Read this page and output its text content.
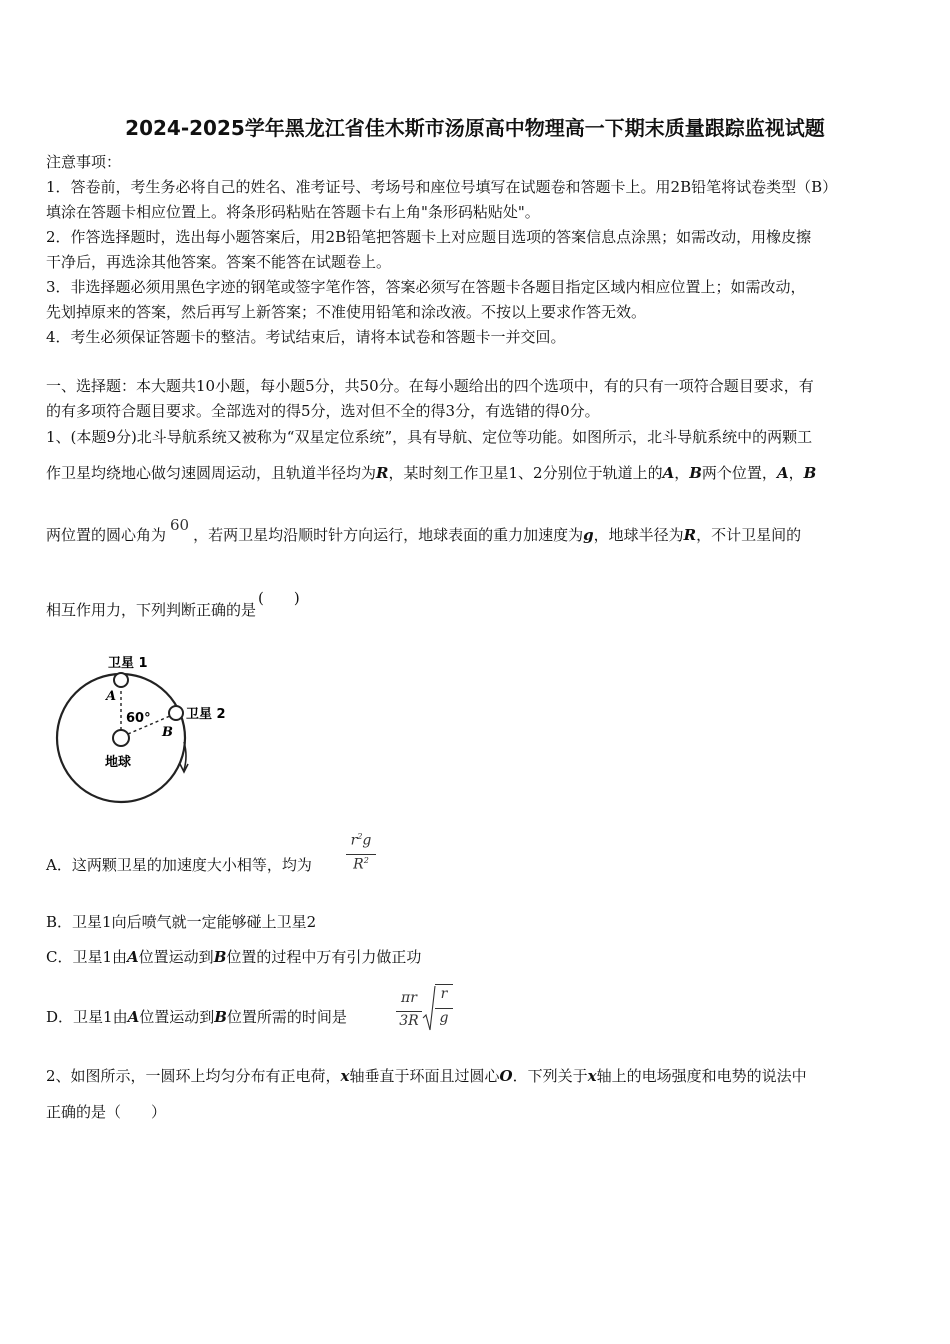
2024-2025学年黑龙江省佳木斯市汤原高中物理高一下期末质量跟踪监视试题
注意事项：
1．答卷前，考生务必将自己的姓名、准考证号、考场号和座位号填写在试题卷和答题卡上。用2B铅笔将试卷类型（B）
填涂在答题卡相应位置上。将条形码粘贴在答题卡右上角"条形码粘贴处"。
2．作答选择题时，选出每小题答案后，用2B铅笔把答题卡上对应题目选项的答案信息点涂黑；如需改动，用橡皮擦
干净后，再选涂其他答案。答案不能答在试题卷上。
3．非选择题必须用黑色字迹的钢笔或签字笔作答，答案必须写在答题卡各题目指定区域内相应位置上；如需改动，
先划掉原来的答案，然后再写上新答案；不准使用铅笔和涂改液。不按以上要求作答无效。
4．考生必须保证答题卡的整洁。考试结束后，请将本试卷和答题卡一并交回。
一、选择题：本大题共10小题，每小题5分，共50分。在每小题给出的四个选项中，有的只有一项符合题目要求，有
的有多项符合题目要求。全部选对的得5分，选对但不全的得3分，有选错的得0分。
1、(本题9分)北斗导航系统又被称为“双星定位系统”，具有导航、定位等功能。如图所示，北斗导航系统中的两颗工
作卫星均绕地心做匀速圆周运动，且轨道半径均为R，某时刻工作卫星1、2分别位于轨道上的A，B两个位置，A，B
两位置的圆心角为60，若两卫星均沿顺时针方向运行，地球表面的重力加速度为g，地球半径为R，不计卫星间的
相互作用力，下列判断正确的是(　　)
卫星 1
卫星 2
A
B
60°
地球
A．这两颗卫星的加速度大小相等，均为
$r^2g$
$R^2$
B．卫星1向后喷气就一定能够碰上卫星2
C．卫星1由A位置运动到B位置的过程中万有引力做正功
D．卫星1由A位置运动到B位置所需的时间是
πr
3R
r
g
2、如图所示，一圆环上均匀分布有正电荷，x轴垂直于环面且过圆心O．下列关于x轴上的电场强度和电势的说法中
正确的是（　　）
